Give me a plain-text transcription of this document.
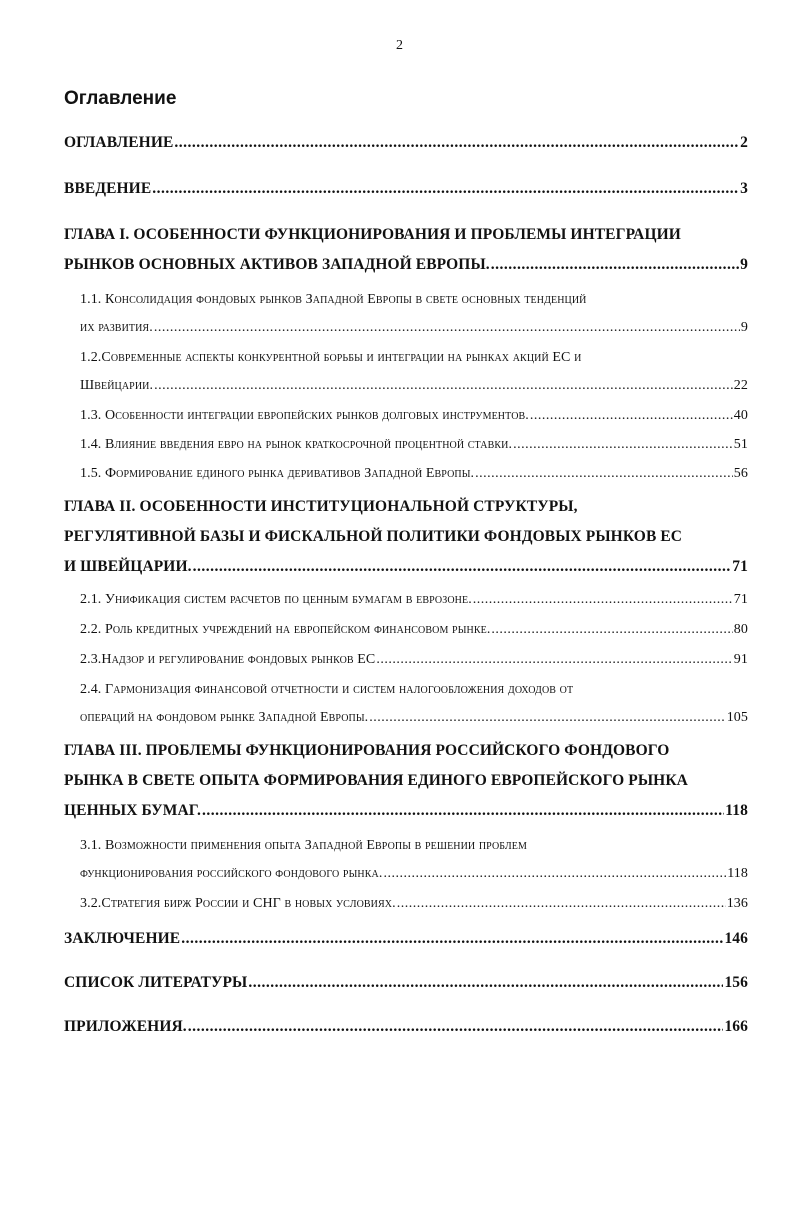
2
Оглавление
ОГЛАВЛЕНИЕ .....	2
ВВЕДЕНИЕ .....	3
ГЛАВА I. ОСОБЕННОСТИ ФУНКЦИОНИРОВАНИЯ И ПРОБЛЕМЫ ИНТЕГРАЦИИ
РЫНКОВ ОСНОВНЫХ АКТИВОВ ЗАПАДНОЙ ЕВРОПЫ. .....	9
1.1. Консолидация фондовых рынков Западной Европы в свете основных тенденций
их развития. .....	9
1.2.Современные аспекты конкурентной борьбы и интеграции на рынках акций ЕС и
Швейцарии. .....	22
1.3. Особенности интеграции европейских рынков долговых инструментов. .....	40
1.4. Влияние введения евро на рынок краткосрочной процентной ставки. .....	51
1.5. Формирование единого рынка деривативов Западной Европы. .....	56
ГЛАВА II. ОСОБЕННОСТИ ИНСТИТУЦИОНАЛЬНОЙ СТРУКТУРЫ,
РЕГУЛЯТИВНОЙ БАЗЫ И ФИСКАЛЬНОЙ ПОЛИТИКИ ФОНДОВЫХ РЫНКОВ ЕС
И ШВЕЙЦАРИИ. .....	71
2.1. Унификация систем расчетов по ценным бумагам в еврозоне. .....	71
2.2. Роль кредитных учреждений на европейском финансовом рынке. .....	80
2.3.Надзор и регулирование фондовых рынков ЕС .....	91
2.4. Гармонизация финансовой отчетности и систем налогообложения доходов от
операций на фондовом рынке Западной Европы. .....	105
ГЛАВА III. ПРОБЛЕМЫ ФУНКЦИОНИРОВАНИЯ РОССИЙСКОГО ФОНДОВОГО
РЫНКА В СВЕТЕ ОПЫТА ФОРМИРОВАНИЯ ЕДИНОГО ЕВРОПЕЙСКОГО РЫНКА
ЦЕННЫХ БУМАГ. .....	118
3.1. Возможности применения опыта Западной Европы в решении проблем
функционирования российского фондового рынка. .....	118
3.2.Стратегия бирж России и СНГ в новых условиях. .....	136
ЗАКЛЮЧЕНИЕ .....	146
СПИСОК ЛИТЕРАТУРЫ .....	156
ПРИЛОЖЕНИЯ. .....	166
